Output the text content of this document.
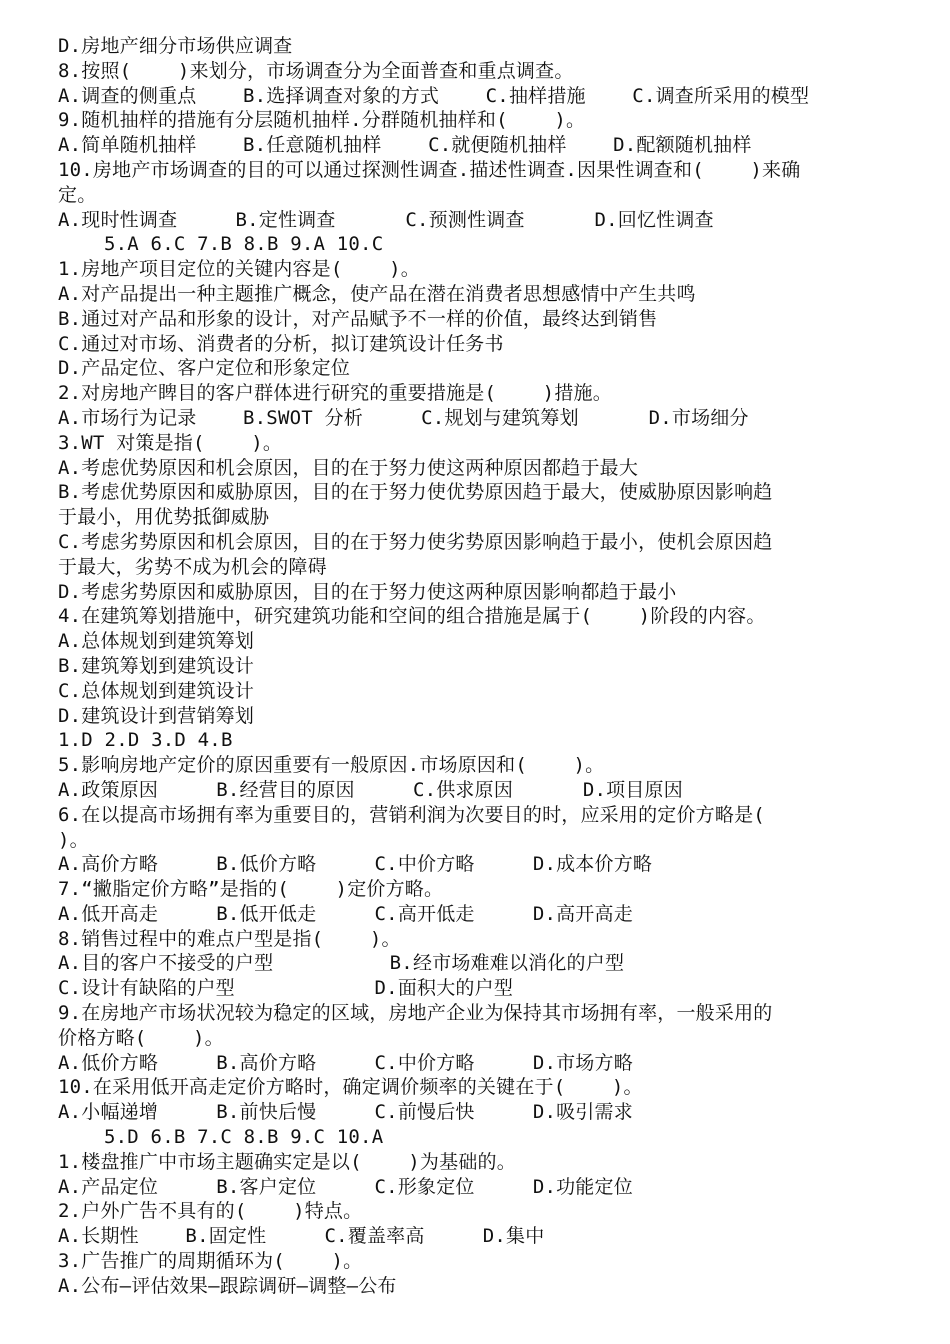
D.房地产细分市场供应调查
8.按照(    )来划分，市场调查分为全面普查和重点调查。
A.调查的侧重点    B.选择调查对象的方式    C.抽样措施    C.调查所采用的模型
9.随机抽样的措施有分层随机抽样.分群随机抽样和(    )。
A.简单随机抽样    B.任意随机抽样    C.就便随机抽样    D.配额随机抽样
10.房地产市场调查的目的可以通过探测性调查.描述性调查.因果性调查和(    )来确
定。
A.现时性调查     B.定性调查      C.预测性调查      D.回忆性调查
5.A 6.C 7.B 8.B 9.A 10.C
1.房地产项目定位的关键内容是(    )。
A.对产品提出一种主题推广概念，使产品在潜在消费者思想感情中产生共鸣
B.通过对产品和形象的设计，对产品赋予不一样的价值，最终达到销售
C.通过对市场、消费者的分析，拟订建筑设计任务书
D.产品定位、客户定位和形象定位
2.对房地产睥目的客户群体进行研究的重要措施是(    )措施。
A.市场行为记录    B.SWOT 分析     C.规划与建筑筹划      D.市场细分
3.WT 对策是指(    )。
A.考虑优势原因和机会原因，目的在于努力使这两种原因都趋于最大
B.考虑优势原因和威胁原因，目的在于努力使优势原因趋于最大，使威胁原因影响趋
于最小，用优势抵御威胁
C.考虑劣势原因和机会原因，目的在于努力使劣势原因影响趋于最小，使机会原因趋
于最大，劣势不成为机会的障碍
D.考虑劣势原因和威胁原因，目的在于努力使这两种原因影响都趋于最小
4.在建筑筹划措施中，研究建筑功能和空间的组合措施是属于(    )阶段的内容。
A.总体规划到建筑筹划
B.建筑筹划到建筑设计
C.总体规划到建筑设计
D.建筑设计到营销筹划
1.D 2.D 3.D 4.B
5.影响房地产定价的原因重要有一般原因.市场原因和(    )。
A.政策原因     B.经营目的原因     C.供求原因      D.项目原因
6.在以提高市场拥有率为重要目的，营销利润为次要目的时，应采用的定价方略是(
)。
A.高价方略     B.低价方略     C.中价方略     D.成本价方略
7.“撇脂定价方略”是指的(    )定价方略。
A.低开高走     B.低开低走     C.高开低走     D.高开高走
8.销售过程中的难点户型是指(    )。
A.目的客户不接受的户型          B.经市场难难以消化的户型
C.设计有缺陷的户型            D.面积大的户型
9.在房地产市场状况较为稳定的区域，房地产企业为保持其市场拥有率，一般采用的
价格方略(    )。
A.低价方略     B.高价方略     C.中价方略     D.市场方略
10.在采用低开高走定价方略时，确定调价频率的关键在于(    )。
A.小幅递增     B.前快后慢     C.前慢后快     D.吸引需求
5.D 6.B 7.C 8.B 9.C 10.A
1.楼盘推广中市场主题确实定是以(    )为基础的。
A.产品定位     B.客户定位     C.形象定位     D.功能定位
2.户外广告不具有的(    )特点。
A.长期性    B.固定性     C.覆盖率高     D.集中
3.广告推广的周期循环为(    )。
A.公布—评估效果—跟踪调研—调整—公布
